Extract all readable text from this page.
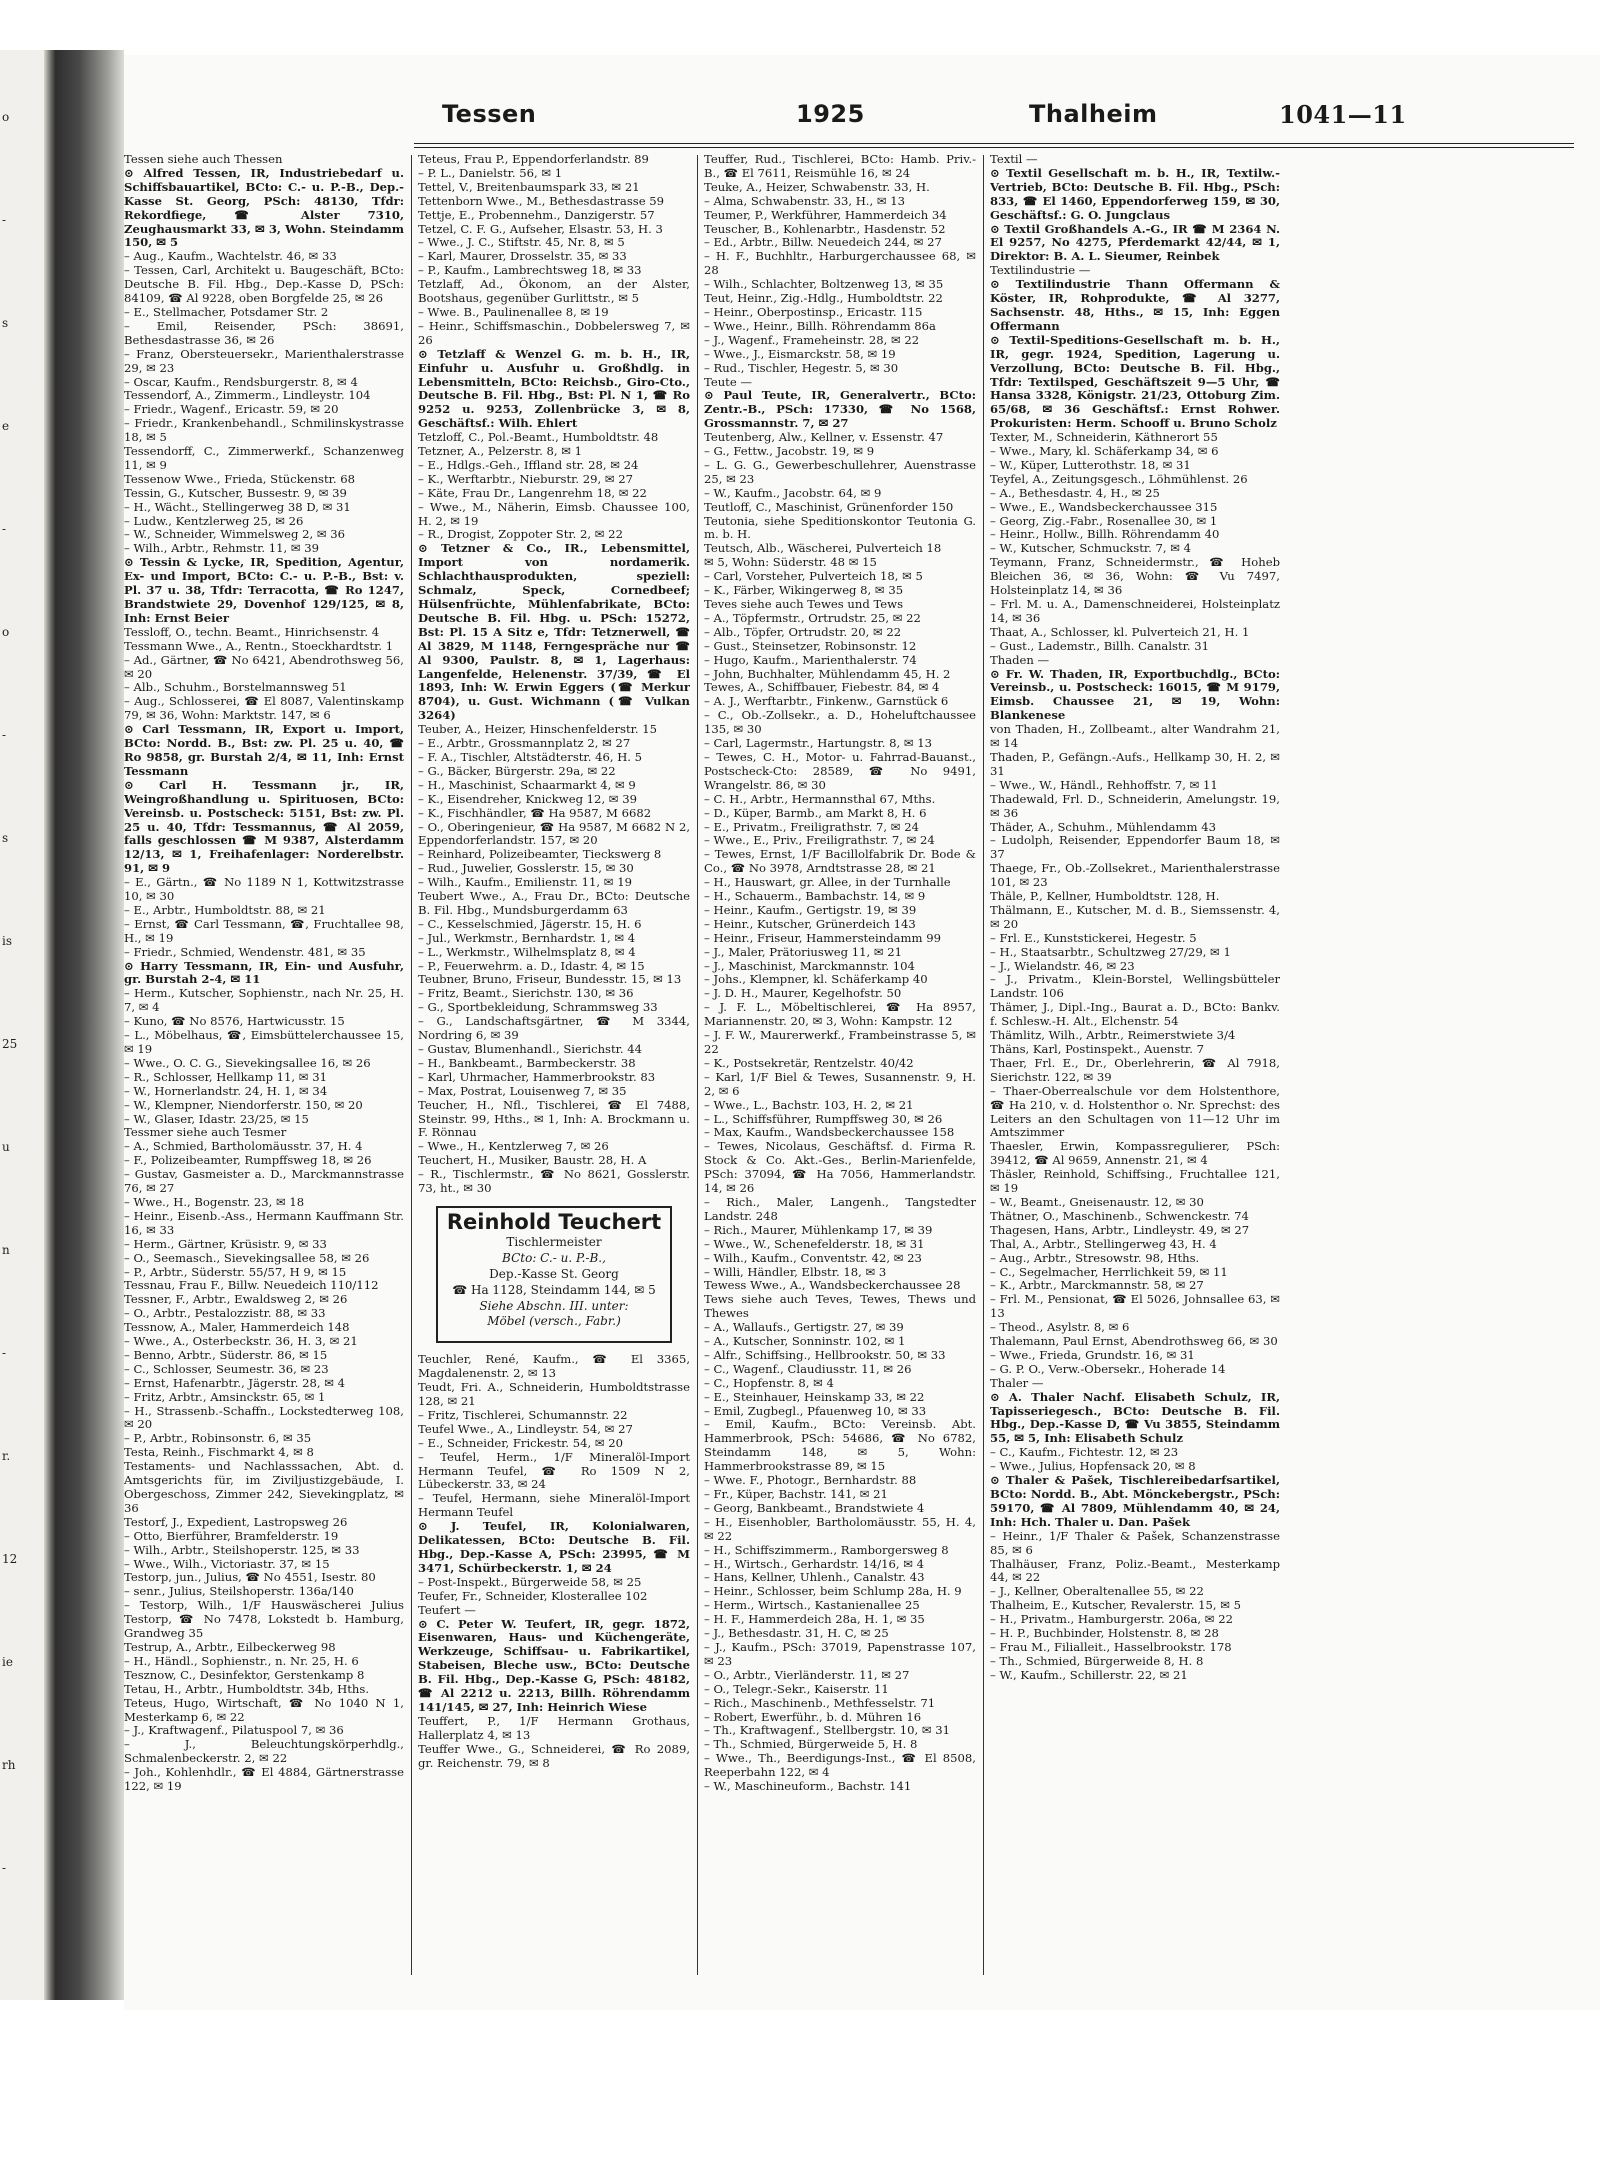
o
-
s
e
-
o
-
s
is
25
u
n
-
r.
12
ie
rh
-
Tessen	1925	Thalheim	1041—11

Tessen siehe auch Thessen

⊙ Alfred Tessen, IR, Industriebedarf u. Schiffsbauartikel, BCto: C.- u. P.-B., Dep.-Kasse St. Georg, PSch: 48130, Tfdr: Rekordfiege, ☎ Alster 7310, Zeughausmarkt 33, ✉ 3, Wohn. Steindamm 150, ✉ 5

– Aug., Kaufm., Wachtelstr. 46, ✉ 33

– Tessen, Carl, Architekt u. Baugeschäft, BCto: Deutsche B. Fil. Hbg., Dep.-Kasse D, PSch: 84109, ☎ Al 9228, oben Borgfelde 25, ✉ 26

– E., Stellmacher, Potsdamer Str. 2

– Emil, Reisender, PSch: 38691, Bethesdastrasse 36, ✉ 26

– Franz, Obersteuersekr., Marienthalerstrasse 29, ✉ 23

– Oscar, Kaufm., Rendsburgerstr. 8, ✉ 4

Tessendorf, A., Zimmerm., Lindleystr. 104

– Friedr., Wagenf., Ericastr. 59, ✉ 20

– Friedr., Krankenbehandl., Schmilinskystrasse 18, ✉ 5

Tessendorff, C., Zimmerwerkf., Schanzenweg 11, ✉ 9

Tessenow Wwe., Frieda, Stückenstr. 68

Tessin, G., Kutscher, Bussestr. 9, ✉ 39

– H., Wächt., Stellingerweg 38 D, ✉ 31

– Ludw., Kentzlerweg 25, ✉ 26

– W., Schneider, Wimmelsweg 2, ✉ 36

– Wilh., Arbtr., Rehmstr. 11, ✉ 39

⊙ Tessin & Lycke, IR, Spedition, Agentur, Ex- und Import, BCto: C.- u. P.-B., Bst: v. Pl. 37 u. 38, Tfdr: Terracotta, ☎ Ro 1247, Brandstwiete 29, Dovenhof 129/125, ✉ 8, Inh: Ernst Beier

Tessloff, O., techn. Beamt., Hinrichsenstr. 4

Tessmann Wwe., A., Rentn., Stoeckhardtstr. 1

– Ad., Gärtner, ☎ No 6421, Abendrothsweg 56, ✉ 20

– Alb., Schuhm., Borstelmannsweg 51

– Aug., Schlosserei, ☎ El 8087, Valentinskamp 79, ✉ 36, Wohn: Marktstr. 147, ✉ 6

⊙ Carl Tessmann, IR, Export u. Import, BCto: Nordd. B., Bst: zw. Pl. 25 u. 40, ☎ Ro 9858, gr. Burstah 2/4, ✉ 11, Inh: Ernst Tessmann

⊙ Carl H. Tessmann jr., IR, Weingroßhandlung u. Spirituosen, BCto: Vereinsb. u. Postscheck: 5151, Bst: zw. Pl. 25 u. 40, Tfdr: Tessmannus, ☎ Al 2059, falls geschlossen ☎ M 9387, Alsterdamm 12/13, ✉ 1, Freihafenlager: Norderelbstr. 91, ✉ 9

– E., Gärtn., ☎ No 1189 N 1, Kottwitzstrasse 10, ✉ 30

– E., Arbtr., Humboldtstr. 88, ✉ 21

– Ernst, ☎ Carl Tessmann, ☎, Fruchtallee 98, H., ✉ 19

– Friedr., Schmied, Wendenstr. 481, ✉ 35

⊙ Harry Tessmann, IR, Ein- und Ausfuhr, gr. Burstah 2-4, ✉ 11

– Herm., Kutscher, Sophienstr., nach Nr. 25, H. 7, ✉ 4

– Kuno, ☎ No 8576, Hartwicusstr. 15

– L., Möbelhaus, ☎, Eimsbüttelerchaussee 15, ✉ 19

– Wwe., O. C. G., Sievekingsallee 16, ✉ 26

– R., Schlosser, Hellkamp 11, ✉ 31

– W., Hornerlandstr. 24, H. 1, ✉ 34

– W., Klempner, Niendorferstr. 150, ✉ 20

– W., Glaser, Idastr. 23/25, ✉ 15

Tessmer siehe auch Tesmer

– A., Schmied, Bartholomäusstr. 37, H. 4

– F., Polizeibeamter, Rumpffsweg 18, ✉ 26

– Gustav, Gasmeister a. D., Marckmannstrasse 76, ✉ 27

– Wwe., H., Bogenstr. 23, ✉ 18

– Heinr., Eisenb.-Ass., Hermann Kauffmann Str. 16, ✉ 33

– Herm., Gärtner, Krüsistr. 9, ✉ 33

– O., Seemasch., Sievekingsallee 58, ✉ 26

– P., Arbtr., Süderstr. 55/57, H 9, ✉ 15

Tessnau, Frau F., Billw. Neuedeich 110/112

Tessner, F., Arbtr., Ewaldsweg 2, ✉ 26

– O., Arbtr., Pestalozzistr. 88, ✉ 33

Tessnow, A., Maler, Hammerdeich 148

– Wwe., A., Osterbeckstr. 36, H. 3, ✉ 21

– Benno, Arbtr., Süderstr. 86, ✉ 15

– C., Schlosser, Seumestr. 36, ✉ 23

– Ernst, Hafenarbtr., Jägerstr. 28, ✉ 4

– Fritz, Arbtr., Amsinckstr. 65, ✉ 1

– H., Strassenb.-Schaffn., Lockstedterweg 108, ✉ 20

– P., Arbtr., Robinsonstr. 6, ✉ 35

Testa, Reinh., Fischmarkt 4, ✉ 8

Testaments- und Nachlasssachen, Abt. d. Amtsgerichts für, im Ziviljustizgebäude, I. Obergeschoss, Zimmer 242, Sievekingplatz, ✉ 36

Testorf, J., Expedient, Lastropsweg 26

– Otto, Bierführer, Bramfelderstr. 19

– Wilh., Arbtr., Steilshoperstr. 125, ✉ 33

– Wwe., Wilh., Victoriastr. 37, ✉ 15

Testorp, jun., Julius, ☎ No 4551, Isestr. 80

– senr., Julius, Steilshoperstr. 136a/140

– Testorp, Wilh., 1/F Hauswäscherei Julius Testorp, ☎ No 7478, Lokstedt b. Hamburg, Grandweg 35

Testrup, A., Arbtr., Eilbeckerweg 98

– H., Händl., Sophienstr., n. Nr. 25, H. 6

Tesznow, C., Desinfektor, Gerstenkamp 8

Tetau, H., Arbtr., Humboldtstr. 34b, Hths.

Teteus, Hugo, Wirtschaft, ☎ No 1040 N 1, Mesterkamp 6, ✉ 22

– J., Kraftwagenf., Pilatuspool 7, ✉ 36

– J., Beleuchtungskörperhdlg., Schmalenbeckerstr. 2, ✉ 22

– Joh., Kohlenhdlr., ☎ El 4884, Gärtnerstrasse 122, ✉ 19

Teteus, Frau P., Eppendorferlandstr. 89

– P. L., Danielstr. 56, ✉ 1

Tettel, V., Breitenbaumspark 33, ✉ 21

Tettenborn Wwe., M., Bethesdastrasse 59

Tettje, E., Probennehm., Danzigerstr. 57

Tetzel, C. F. G., Aufseher, Elsastr. 53, H. 3

– Wwe., J. C., Stiftstr. 45, Nr. 8, ✉ 5

– Karl, Maurer, Drosselstr. 35, ✉ 33

– P., Kaufm., Lambrechtsweg 18, ✉ 33

Tetzlaff, Ad., Ökonom, an der Alster, Bootshaus, gegenüber Gurlittstr., ✉ 5

– Wwe. B., Paulinenallee 8, ✉ 19

– Heinr., Schiffsmaschin., Dobbelersweg 7, ✉ 26

⊙ Tetzlaff & Wenzel G. m. b. H., IR, Einfuhr u. Ausfuhr u. Großhdlg. in Lebensmitteln, BCto: Reichsb., Giro-Cto., Deutsche B. Fil. Hbg., Bst: Pl. N 1, ☎ Ro 9252 u. 9253, Zollenbrücke 3, ✉ 8, Geschäftsf.: Wilh. Ehlert

Tetzloff, C., Pol.-Beamt., Humboldtstr. 48

Tetzner, A., Pelzerstr. 8, ✉ 1

– E., Hdlgs.-Geh., Iffland str. 28, ✉ 24

– K., Werftarbtr., Nieburstr. 29, ✉ 27

– Käte, Frau Dr., Langenrehm 18, ✉ 22

– Wwe., M., Näherin, Eimsb. Chaussee 100, H. 2, ✉ 19

– R., Drogist, Zoppoter Str. 2, ✉ 22

⊙ Tetzner & Co., IR., Lebensmittel, Import von nordamerik. Schlachthausprodukten, speziell: Schmalz, Speck, Cornedbeef; Hülsenfrüchte, Mühlenfabrikate, BCto: Deutsche B. Fil. Hbg. u. PSch: 15272, Bst: Pl. 15 A Sitz e, Tfdr: Tetznerwell, ☎ Al 3829, M 1148, Ferngespräche nur ☎ Al 9300, Paulstr. 8, ✉ 1, Lagerhaus: Langenfelde, Helenenstr. 37/39, ☎ El 1893, Inh: W. Erwin Eggers (☎ Merkur 8704), u. Gust. Wichmann (☎ Vulkan 3264)

Teuber, A., Heizer, Hinschenfelderstr. 15

– E., Arbtr., Grossmannplatz 2, ✉ 27

– F. A., Tischler, Altstädterstr. 46, H. 5

– G., Bäcker, Bürgerstr. 29a, ✉ 22

– H., Maschinist, Schaarmarkt 4, ✉ 9

– K., Eisendreher, Knickweg 12, ✉ 39

– K., Fischhändler, ☎ Ha 9587, M 6682

– O., Oberingenieur, ☎ Ha 9587, M 6682 N 2, Eppendorferlandstr. 157, ✉ 20

– Reinhard, Polizeibeamter, Tieckswerg 8

– Rud., Juwelier, Gosslerstr. 15, ✉ 30

– Wilh., Kaufm., Emilienstr. 11, ✉ 19

Teubert Wwe., A., Frau Dr., BCto: Deutsche B. Fil. Hbg., Mundsburgerdamm 63

– C., Kesselschmied, Jägerstr. 15, H. 6

– Jul., Werkmstr., Bernhardstr. 1, ✉ 4

– L., Werkmstr., Wilhelmsplatz 8, ✉ 4

– P., Feuerwehrm. a. D., Idastr. 4, ✉ 15

Teubner, Bruno, Friseur, Bundesstr. 15, ✉ 13

– Fritz, Beamt., Sierichstr. 130, ✉ 36

– G., Sportbekleidung, Schrammsweg 33

– G., Landschaftsgärtner, ☎ M 3344, Nordring 6, ✉ 39

– Gustav, Blumenhandl., Sierichstr. 44

– H., Bankbeamt., Barmbeckerstr. 38

– Karl, Uhrmacher, Hammerbrookstr. 83

– Max, Postrat, Louisenweg 7, ✉ 35

Teucher, H., Nfl., Tischlerei, ☎ El 7488, Steinstr. 99, Hths., ✉ 1, Inh: A. Brockmann u. F. Rönnau

– Wwe., H., Kentzlerweg 7, ✉ 26

Teuchert, H., Musiker, Baustr. 28, H. A

– R., Tischlermstr., ☎ No 8621, Gosslerstr. 73, ht., ✉ 30

Reinhold Teuchert
Tischlermeister
BCto: C.- u. P.-B.,
Dep.-Kasse St. Georg
☎ Ha 1128, Steindamm 144, ✉ 5
Siehe Abschn. III. unter:
Möbel (versch., Fabr.)

Teuchler, René, Kaufm., ☎ El 3365, Magdalenenstr. 2, ✉ 13

Teudt, Fri. A., Schneiderin, Humboldtstrasse 128, ✉ 21

– Fritz, Tischlerei, Schumannstr. 22

Teufel Wwe., A., Lindleystr. 54, ✉ 27

– E., Schneider, Frickestr. 54, ✉ 20

– Teufel, Herm., 1/F Mineralöl-Import Hermann Teufel, ☎ Ro 1509 N 2, Lübeckerstr. 33, ✉ 24

– Teufel, Hermann, siehe Mineralöl-Import Hermann Teufel

⊙ J. Teufel, IR, Kolonialwaren, Delikatessen, BCto: Deutsche B. Fil. Hbg., Dep.-Kasse A, PSch: 23995, ☎ M 3471, Schürbeckerstr. 1, ✉ 24

– Post-Inspekt., Bürgerweide 58, ✉ 25

Teufer, Fr., Schneider, Klosterallee 102

Teufert —

⊙ C. Peter W. Teufert, IR, gegr. 1872, Eisenwaren, Haus- und Küchengeräte, Werkzeuge, Schiffsau- u. Fabrikartikel, Stabeisen, Bleche usw., BCto: Deutsche B. Fil. Hbg., Dep.-Kasse G, PSch: 48182, ☎ Al 2212 u. 2213, Billh. Röhrendamm 141/145, ✉ 27, Inh: Heinrich Wiese

Teuffert, P., 1/F Hermann Grothaus, Hallerplatz 4, ✉ 13

Teuffer Wwe., G., Schneiderei, ☎ Ro 2089, gr. Reichenstr. 79, ✉ 8

Teuffer, Rud., Tischlerei, BCto: Hamb. Priv.-B., ☎ El 7611, Reismühle 16, ✉ 24

Teuke, A., Heizer, Schwabenstr. 33, H.

– Alma, Schwabenstr. 33, H., ✉ 13

Teumer, P., Werkführer, Hammerdeich 34

Teuscher, B., Kohlenarbtr., Hasdenstr. 52

– Ed., Arbtr., Billw. Neuedeich 244, ✉ 27

– H. F., Buchhltr., Harburgerchaussee 68, ✉ 28

– Wilh., Schlachter, Boltzenweg 13, ✉ 35

Teut, Heinr., Zig.-Hdlg., Humboldtstr. 22

– Heinr., Oberpostinsp., Ericastr. 115

– Wwe., Heinr., Billh. Röhrendamm 86a

– J., Wagenf., Frameheinstr. 28, ✉ 22

– Wwe., J., Eismarckstr. 58, ✉ 19

– Rud., Tischler, Hegestr. 5, ✉ 30

Teute —

⊙ Paul Teute, IR, Generalvertr., BCto: Zentr.-B., PSch: 17330, ☎ No 1568, Grossmannstr. 7, ✉ 27

Teutenberg, Alw., Kellner, v. Essenstr. 47

– G., Fettw., Jacobstr. 19, ✉ 9

– L. G. G., Gewerbeschullehrer, Auenstrasse 25, ✉ 23

– W., Kaufm., Jacobstr. 64, ✉ 9

Teutloff, C., Maschinist, Grünenforder 150

Teutonia, siehe Speditionskontor Teutonia G. m. b. H.

Teutsch, Alb., Wäscherei, Pulverteich 18

✉ 5, Wohn: Süderstr. 48 ✉ 15

– Carl, Vorsteher, Pulverteich 18, ✉ 5

– K., Färber, Wikingerweg 8, ✉ 35

Teves siehe auch Tewes und Tews

– A., Töpfermstr., Ortrudstr. 25, ✉ 22

– Alb., Töpfer, Ortrudstr. 20, ✉ 22

– Gust., Steinsetzer, Robinsonstr. 12

– Hugo, Kaufm., Marienthalerstr. 74

– John, Buchhalter, Mühlendamm 45, H. 2

Tewes, A., Schiffbauer, Fiebestr. 84, ✉ 4

– A. J., Werftarbtr., Finkenw., Garnstück 6

– C., Ob.-Zollsekr., a. D., Hoheluftchaussee 135, ✉ 30

– Carl, Lagermstr., Hartungstr. 8, ✉ 13

– Tewes, C. H., Motor- u. Fahrrad-Bauanst., Postscheck-Cto: 28589, ☎ No 9491, Wrangelstr. 86, ✉ 30

– C. H., Arbtr., Hermannsthal 67, Mths.

– D., Küper, Barmb., am Markt 8, H. 6

– E., Privatm., Freiligrathstr. 7, ✉ 24

– Wwe., E., Priv., Freiligrathstr. 7, ✉ 24

– Tewes, Ernst, 1/F Bacillolfabrik Dr. Bode & Co., ☎ No 3978, Arndtstrasse 28, ✉ 21

– H., Hauswart, gr. Allee, in der Turnhalle

– H., Schauerm., Bambachstr. 14, ✉ 9

– Heinr., Kaufm., Gertigstr. 19, ✉ 39

– Heinr., Kutscher, Grünerdeich 143

– Heinr., Friseur, Hammersteindamm 99

– J., Maler, Prätoriusweg 11, ✉ 21

– J., Maschinist, Marckmannstr. 104

– Johs., Klempner, kl. Schäferkamp 40

– J. D. H., Maurer, Kegelhofstr. 50

– J. F. L., Möbeltischlerei, ☎ Ha 8957, Mariannenstr. 20, ✉ 3, Wohn: Kampstr. 12

– J. F. W., Maurerwerkf., Frambeinstrasse 5, ✉ 22

– K., Postsekretär, Rentzelstr. 40/42

– Karl, 1/F Biel & Tewes, Susannenstr. 9, H. 2, ✉ 6

– Wwe., L., Bachstr. 103, H. 2, ✉ 21

– L., Schiffsführer, Rumpffsweg 30, ✉ 26

– Max, Kaufm., Wandsbeckerchaussee 158

– Tewes, Nicolaus, Geschäftsf. d. Firma R. Stock & Co. Akt.-Ges., Berlin-Marienfelde, PSch: 37094, ☎ Ha 7056, Hammerlandstr. 14, ✉ 26

– Rich., Maler, Langenh., Tangstedter Landstr. 248

– Rich., Maurer, Mühlenkamp 17, ✉ 39

– Wwe., W., Schenefelderstr. 18, ✉ 31

– Wilh., Kaufm., Conventstr. 42, ✉ 23

– Willi, Händler, Elbstr. 18, ✉ 3

Tewess Wwe., A., Wandsbeckerchaussee 28

Tews siehe auch Teves, Tewes, Thews und Thewes

– A., Wallaufs., Gertigstr. 27, ✉ 39

– A., Kutscher, Sonninstr. 102, ✉ 1

– Alfr., Schiffsing., Hellbrookstr. 50, ✉ 33

– C., Wagenf., Claudiusstr. 11, ✉ 26

– C., Hopfenstr. 8, ✉ 4

– E., Steinhauer, Heinskamp 33, ✉ 22

– Emil, Zugbegl., Pfauenweg 10, ✉ 33

– Emil, Kaufm., BCto: Vereinsb. Abt. Hammerbrook, PSch: 54686, ☎ No 6782, Steindamm 148, ✉ 5, Wohn: Hammerbrookstrasse 89, ✉ 15

– Wwe. F., Photogr., Bernhardstr. 88

– Fr., Küper, Bachstr. 141, ✉ 21

– Georg, Bankbeamt., Brandstwiete 4

– H., Eisenhobler, Bartholomäusstr. 55, H. 4, ✉ 22

– H., Schiffszimmerm., Ramborgersweg 8

– H., Wirtsch., Gerhardstr. 14/16, ✉ 4

– Hans, Kellner, Uhlenh., Canalstr. 43

– Heinr., Schlosser, beim Schlump 28a, H. 9

– Herm., Wirtsch., Kastanienallee 25

– H. F., Hammerdeich 28a, H. 1, ✉ 35

– J., Bethesdastr. 31, H. C, ✉ 25

– J., Kaufm., PSch: 37019, Papenstrasse 107, ✉ 23

– O., Arbtr., Vierländerstr. 11, ✉ 27

– O., Telegr.-Sekr., Kaiserstr. 11

– Rich., Maschinenb., Methfesselstr. 71

– Robert, Ewerführ., b. d. Mühren 16

– Th., Kraftwagenf., Stellbergstr. 10, ✉ 31

– Th., Schmied, Bürgerweide 5, H. 8

– Wwe., Th., Beerdigungs-Inst., ☎ El 8508, Reeperbahn 122, ✉ 4

– W., Maschineuform., Bachstr. 141

Textil —

⊙ Textil Gesellschaft m. b. H., IR, Textilw.-Vertrieb, BCto: Deutsche B. Fil. Hbg., PSch: 833, ☎ El 1460, Eppendorferweg 159, ✉ 30, Geschäftsf.: G. O. Jungclaus

⊙ Textil Großhandels A.-G., IR ☎ M 2364 N. El 9257, No 4275, Pferdemarkt 42/44, ✉ 1, Direktor: B. A. L. Sieumer, Reinbek

Textilindustrie —

⊙ Textilindustrie Thann Offermann & Köster, IR, Rohprodukte, ☎ Al 3277, Sachsenstr. 48, Hths., ✉ 15, Inh: Eggen Offermann

⊙ Textil-Speditions-Gesellschaft m. b. H., IR, gegr. 1924, Spedition, Lagerung u. Verzollung, BCto: Deutsche B. Fil. Hbg., Tfdr: Textilsped, Geschäftszeit 9—5 Uhr, ☎ Hansa 3328, Königstr. 21/23, Ottoburg Zim. 65/68, ✉ 36 Geschäftsf.: Ernst Rohwer. Prokuristen: Herm. Schooff u. Bruno Scholz

Texter, M., Schneiderin, Käthnerort 55

– Wwe., Mary, kl. Schäferkamp 34, ✉ 6

– W., Küper, Lutterothstr. 18, ✉ 31

Teyfel, A., Zeitungsgesch., Löhmühlenst. 26

– A., Bethesdastr. 4, H., ✉ 25

– Wwe., E., Wandsbeckerchaussee 315

– Georg, Zig.-Fabr., Rosenallee 30, ✉ 1

– Heinr., Hollw., Billh. Röhrendamm 40

– W., Kutscher, Schmuckstr. 7, ✉ 4

Teymann, Franz, Schneidermstr., ☎ Hoheb Bleichen 36, ✉ 36, Wohn: ☎ Vu 7497, Holsteinplatz 14, ✉ 36

– Frl. M. u. A., Damenschneiderei, Holsteinplatz 14, ✉ 36

Thaat, A., Schlosser, kl. Pulverteich 21, H. 1

– Gust., Lademstr., Billh. Canalstr. 31

Thaden —

⊙ Fr. W. Thaden, IR, Exportbuchdlg., BCto: Vereinsb., u. Postscheck: 16015, ☎ M 9179, Eimsb. Chaussee 21, ✉ 19, Wohn: Blankenese

von Thaden, H., Zollbeamt., alter Wandrahm 21, ✉ 14

Thaden, P., Gefängn.-Aufs., Hellkamp 30, H. 2, ✉ 31

– Wwe., W., Händl., Rehhoffstr. 7, ✉ 11

Thadewald, Frl. D., Schneiderin, Amelungstr. 19, ✉ 36

Thäder, A., Schuhm., Mühlendamm 43

– Ludolph, Reisender, Eppendorfer Baum 18, ✉ 37

Thaege, Fr., Ob.-Zollsekret., Marienthalerstrasse 101, ✉ 23

Thäle, P., Kellner, Humboldtstr. 128, H.

Thälmann, E., Kutscher, M. d. B., Siemssenstr. 4, ✉ 20

– Frl. E., Kunststickerei, Hegestr. 5

– H., Staatsarbtr., Schultzweg 27/29, ✉ 1

– J., Wielandstr. 46, ✉ 23

– J., Privatm., Klein-Borstel, Wellingsbütteler Landstr. 106

Thämer, J., Dipl.-Ing., Baurat a. D., BCto: Bankv. f. Schlesw.-H. Alt., Elchenstr. 54

Thämlitz, Wilh., Arbtr., Reimerstwiete 3/4

Thäns, Karl, Postinspekt., Auenstr. 7

Thaer, Frl. E., Dr., Oberlehrerin, ☎ Al 7918, Sierichstr. 122, ✉ 39

– Thaer-Oberrealschule vor dem Holstenthore, ☎ Ha 210, v. d. Holstenthor o. Nr. Sprechst: des Leiters an den Schultagen von 11—12 Uhr im Amtszimmer

Thaesler, Erwin, Kompassregulierer, PSch: 39412, ☎ Al 9659, Annenstr. 21, ✉ 4

Thäsler, Reinhold, Schiffsing., Fruchtallee 121, ✉ 19

– W., Beamt., Gneisenaustr. 12, ✉ 30

Thätner, O., Maschinenb., Schwenckestr. 74

Thagesen, Hans, Arbtr., Lindleystr. 49, ✉ 27

Thal, A., Arbtr., Stellingerweg 43, H. 4

– Aug., Arbtr., Stresowstr. 98, Hths.

– C., Segelmacher, Herrlichkeit 59, ✉ 11

– K., Arbtr., Marckmannstr. 58, ✉ 27

– Frl. M., Pensionat, ☎ El 5026, Johnsallee 63, ✉ 13

– Theod., Asylstr. 8, ✉ 6

Thalemann, Paul Ernst, Abendrothsweg 66, ✉ 30

– Wwe., Frieda, Grundstr. 16, ✉ 31

– G. P. O., Verw.-Obersekr., Hoherade 14

Thaler —

⊙ A. Thaler Nachf. Elisabeth Schulz, IR, Tapisseriegesch., BCto: Deutsche B. Fil. Hbg., Dep.-Kasse D, ☎ Vu 3855, Steindamm 55, ✉ 5, Inh: Elisabeth Schulz

– C., Kaufm., Fichtestr. 12, ✉ 23

– Wwe., Julius, Hopfensack 20, ✉ 8

⊙ Thaler & Pašek, Tischlereibedarfsartikel, BCto: Nordd. B., Abt. Mönckebergstr., PSch: 59170, ☎ Al 7809, Mühlendamm 40, ✉ 24, Inh: Hch. Thaler u. Dan. Pašek

– Heinr., 1/F Thaler & Pašek, Schanzenstrasse 85, ✉ 6

Thalhäuser, Franz, Poliz.-Beamt., Mesterkamp 44, ✉ 22

– J., Kellner, Oberaltenallee 55, ✉ 22

Thalheim, E., Kutscher, Revalerstr. 15, ✉ 5

– H., Privatm., Hamburgerstr. 206a, ✉ 22

– H. P., Buchbinder, Holstenstr. 8, ✉ 28

– Frau M., Filialleit., Hasselbrookstr. 178

– Th., Schmied, Bürgerweide 8, H. 8

– W., Kaufm., Schillerstr. 22, ✉ 21
